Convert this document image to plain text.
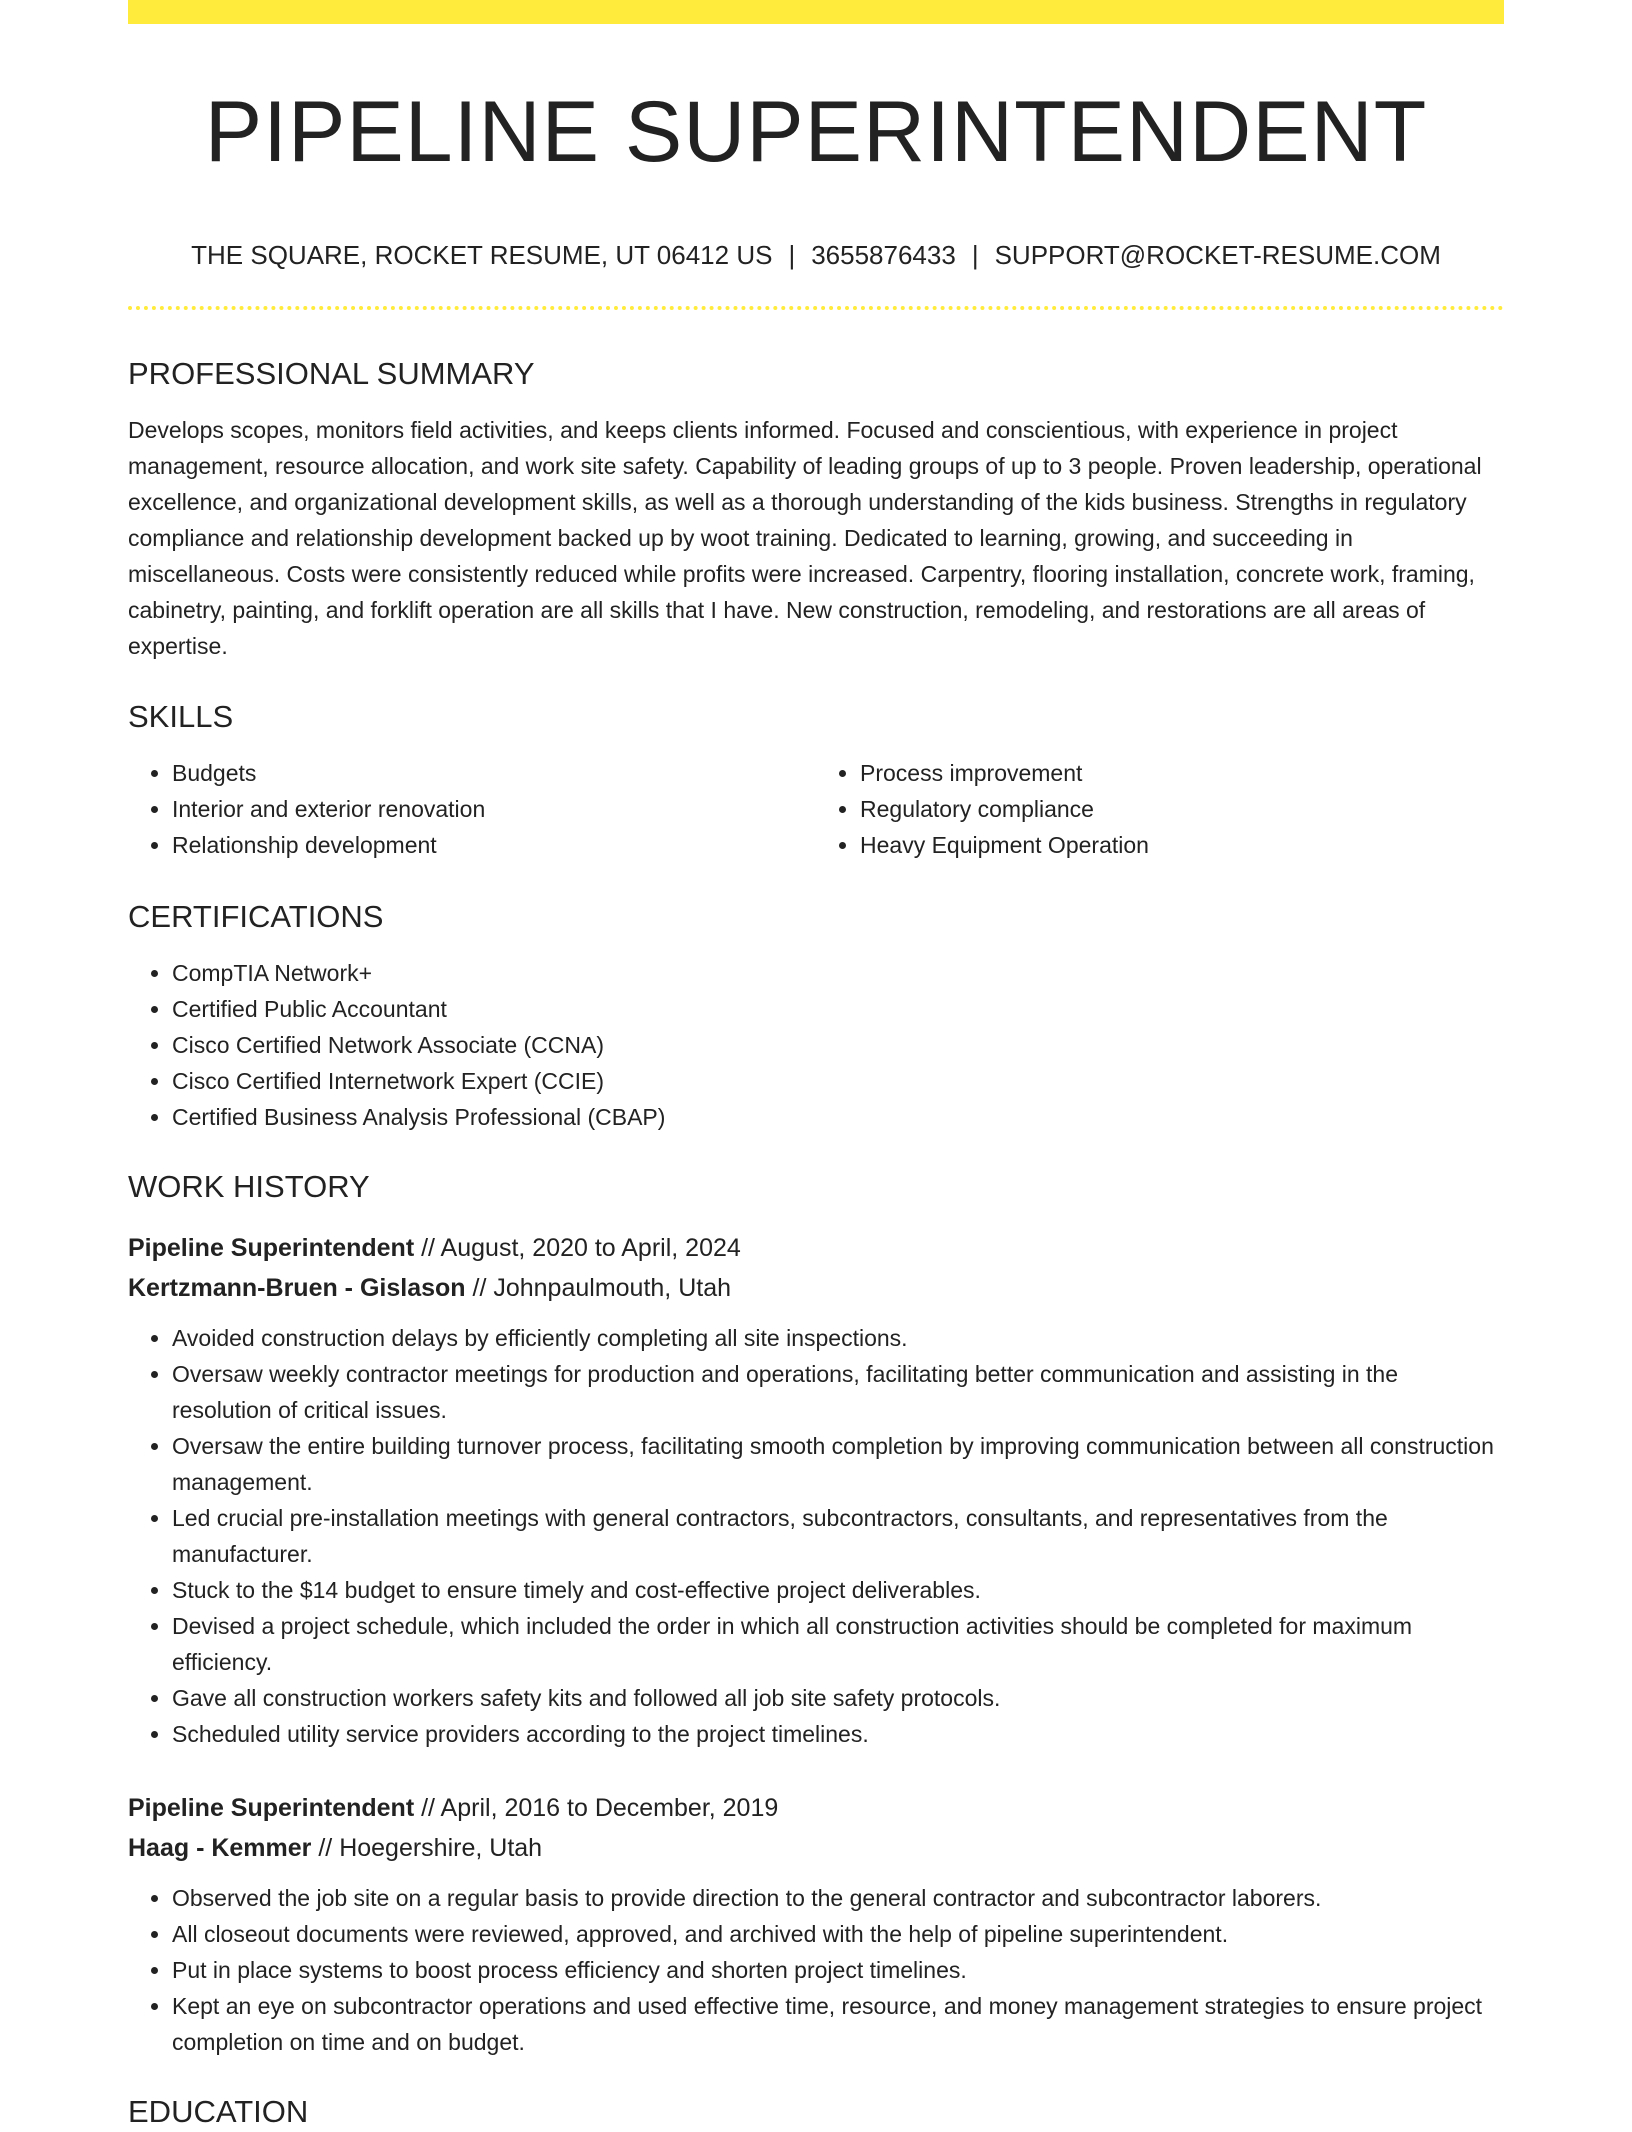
PIPELINE SUPERINTENDENT
THE SQUARE, ROCKET RESUME, UT 06412 US | 3655876433 | SUPPORT@ROCKET-RESUME.COM
PROFESSIONAL SUMMARY

Develops scopes, monitors field activities, and keeps clients informed. Focused and conscientious, with experience in project management, resource allocation, and work site safety. Capability of leading groups of up to 3 people. Proven leadership, operational excellence, and organizational development skills, as well as a thorough understanding of the kids business. Strengths in regulatory compliance and relationship development backed up by woot training. Dedicated to learning, growing, and succeeding in miscellaneous. Costs were consistently reduced while profits were increased. Carpentry, flooring installation, concrete work, framing, cabinetry, painting, and forklift operation are all skills that I have. New construction, remodeling, and restorations are all areas of expertise.

SKILLS
• Budgets
• Interior and exterior renovation
• Relationship development
• Process improvement
• Regulatory compliance
• Heavy Equipment Operation
CERTIFICATIONS
• CompTIA Network+
• Certified Public Accountant
• Cisco Certified Network Associate (CCNA)
• Cisco Certified Internetwork Expert (CCIE)
• Certified Business Analysis Professional (CBAP)
WORK HISTORY
Pipeline Superintendent // August, 2020 to April, 2024
Kertzmann-Bruen - Gislason // Johnpaulmouth, Utah
• Avoided construction delays by efficiently completing all site inspections.
• Oversaw weekly contractor meetings for production and operations, facilitating better communication and assisting in the resolution of critical issues.
• Oversaw the entire building turnover process, facilitating smooth completion by improving communication between all construction management.
• Led crucial pre-installation meetings with general contractors, subcontractors, consultants, and representatives from the manufacturer.
• Stuck to the $14 budget to ensure timely and cost-effective project deliverables.
• Devised a project schedule, which included the order in which all construction activities should be completed for maximum efficiency.
• Gave all construction workers safety kits and followed all job site safety protocols.
• Scheduled utility service providers according to the project timelines.
Pipeline Superintendent // April, 2016 to December, 2019
Haag - Kemmer // Hoegershire, Utah
• Observed the job site on a regular basis to provide direction to the general contractor and subcontractor laborers.
• All closeout documents were reviewed, approved, and archived with the help of pipeline superintendent.
• Put in place systems to boost process efficiency and shorten project timelines.
• Kept an eye on subcontractor operations and used effective time, resource, and money management strategies to ensure project completion on time and on budget.
EDUCATION
